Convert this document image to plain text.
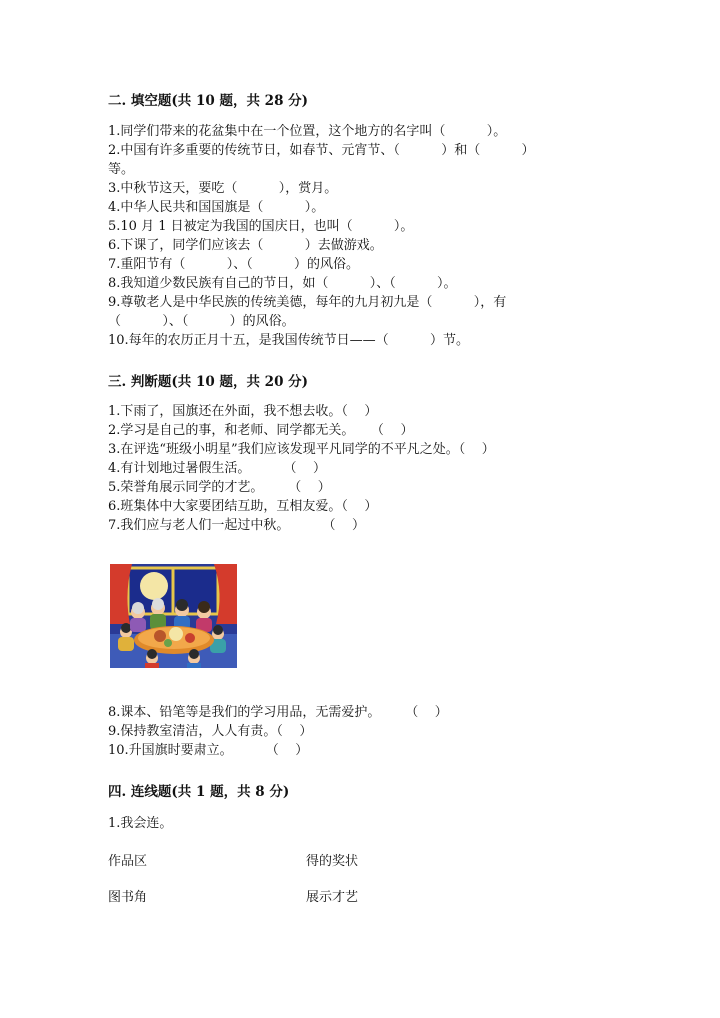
二. 填空题(共 10 题，共 28 分)
1.同学们带来的花盆集中在一个位置，这个地方的名字叫（          ）。
2.中国有许多重要的传统节日，如春节、元宵节、（          ）和（          ）
等。
3.中秋节这天，要吃（          ），赏月。
4.中华人民共和国国旗是（          ）。
5.10 月 1 日被定为我国的国庆日，也叫（          ）。
6.下课了，同学们应该去（          ）去做游戏。
7.重阳节有（          ）、（          ）的风俗。
8.我知道少数民族有自己的节日，如（          ）、（          ）。
9.尊敬老人是中华民族的传统美德，每年的九月初九是（          ），有
（          ）、（          ）的风俗。
10.每年的农历正月十五，是我国传统节日——（          ）节。
三. 判断题(共 10 题，共 20 分)
1.下雨了，国旗还在外面，我不想去收。（    ）
2.学习是自己的事，和老师、同学都无关。    （    ）
3.在评选“班级小明星”我们应该发现平凡同学的不平凡之处。（    ）
4.有计划地过暑假生活。        （    ）
5.荣誉角展示同学的才艺。      （    ）
6.班集体中大家要团结互助，互相友爱。（    ）
7.我们应与老人们一起过中秋。        （    ）
8.课本、铅笔等是我们的学习用品，无需爱护。      （    ）
9.保持教室清洁，人人有责。（    ）
10.升国旗时要肃立。        （    ）
四. 连线题(共 1 题，共 8 分)
1.我会连。
作品区	得的奖状
图书角	展示才艺
